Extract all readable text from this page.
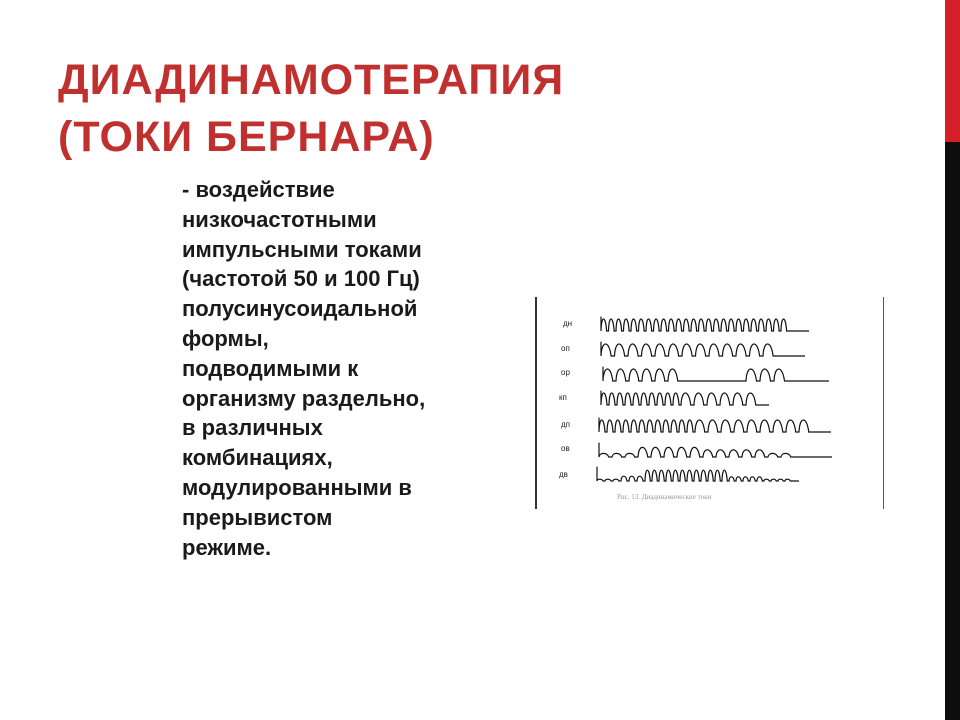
ДИАДИНАМОТЕРАПИЯ
(ТОКИ БЕРНАРА)
- воздействие
низкочастотными
импульсными токами
(частотой 50 и 100 Гц)
полусинусоидальной
формы,
подводимыми к
организму раздельно,
в различных
комбинациях,
модулированными в
прерывистом
режиме.
дн
оп
ор
кп
дп
ов
дв
Рис. 13. Диадинамические токи
